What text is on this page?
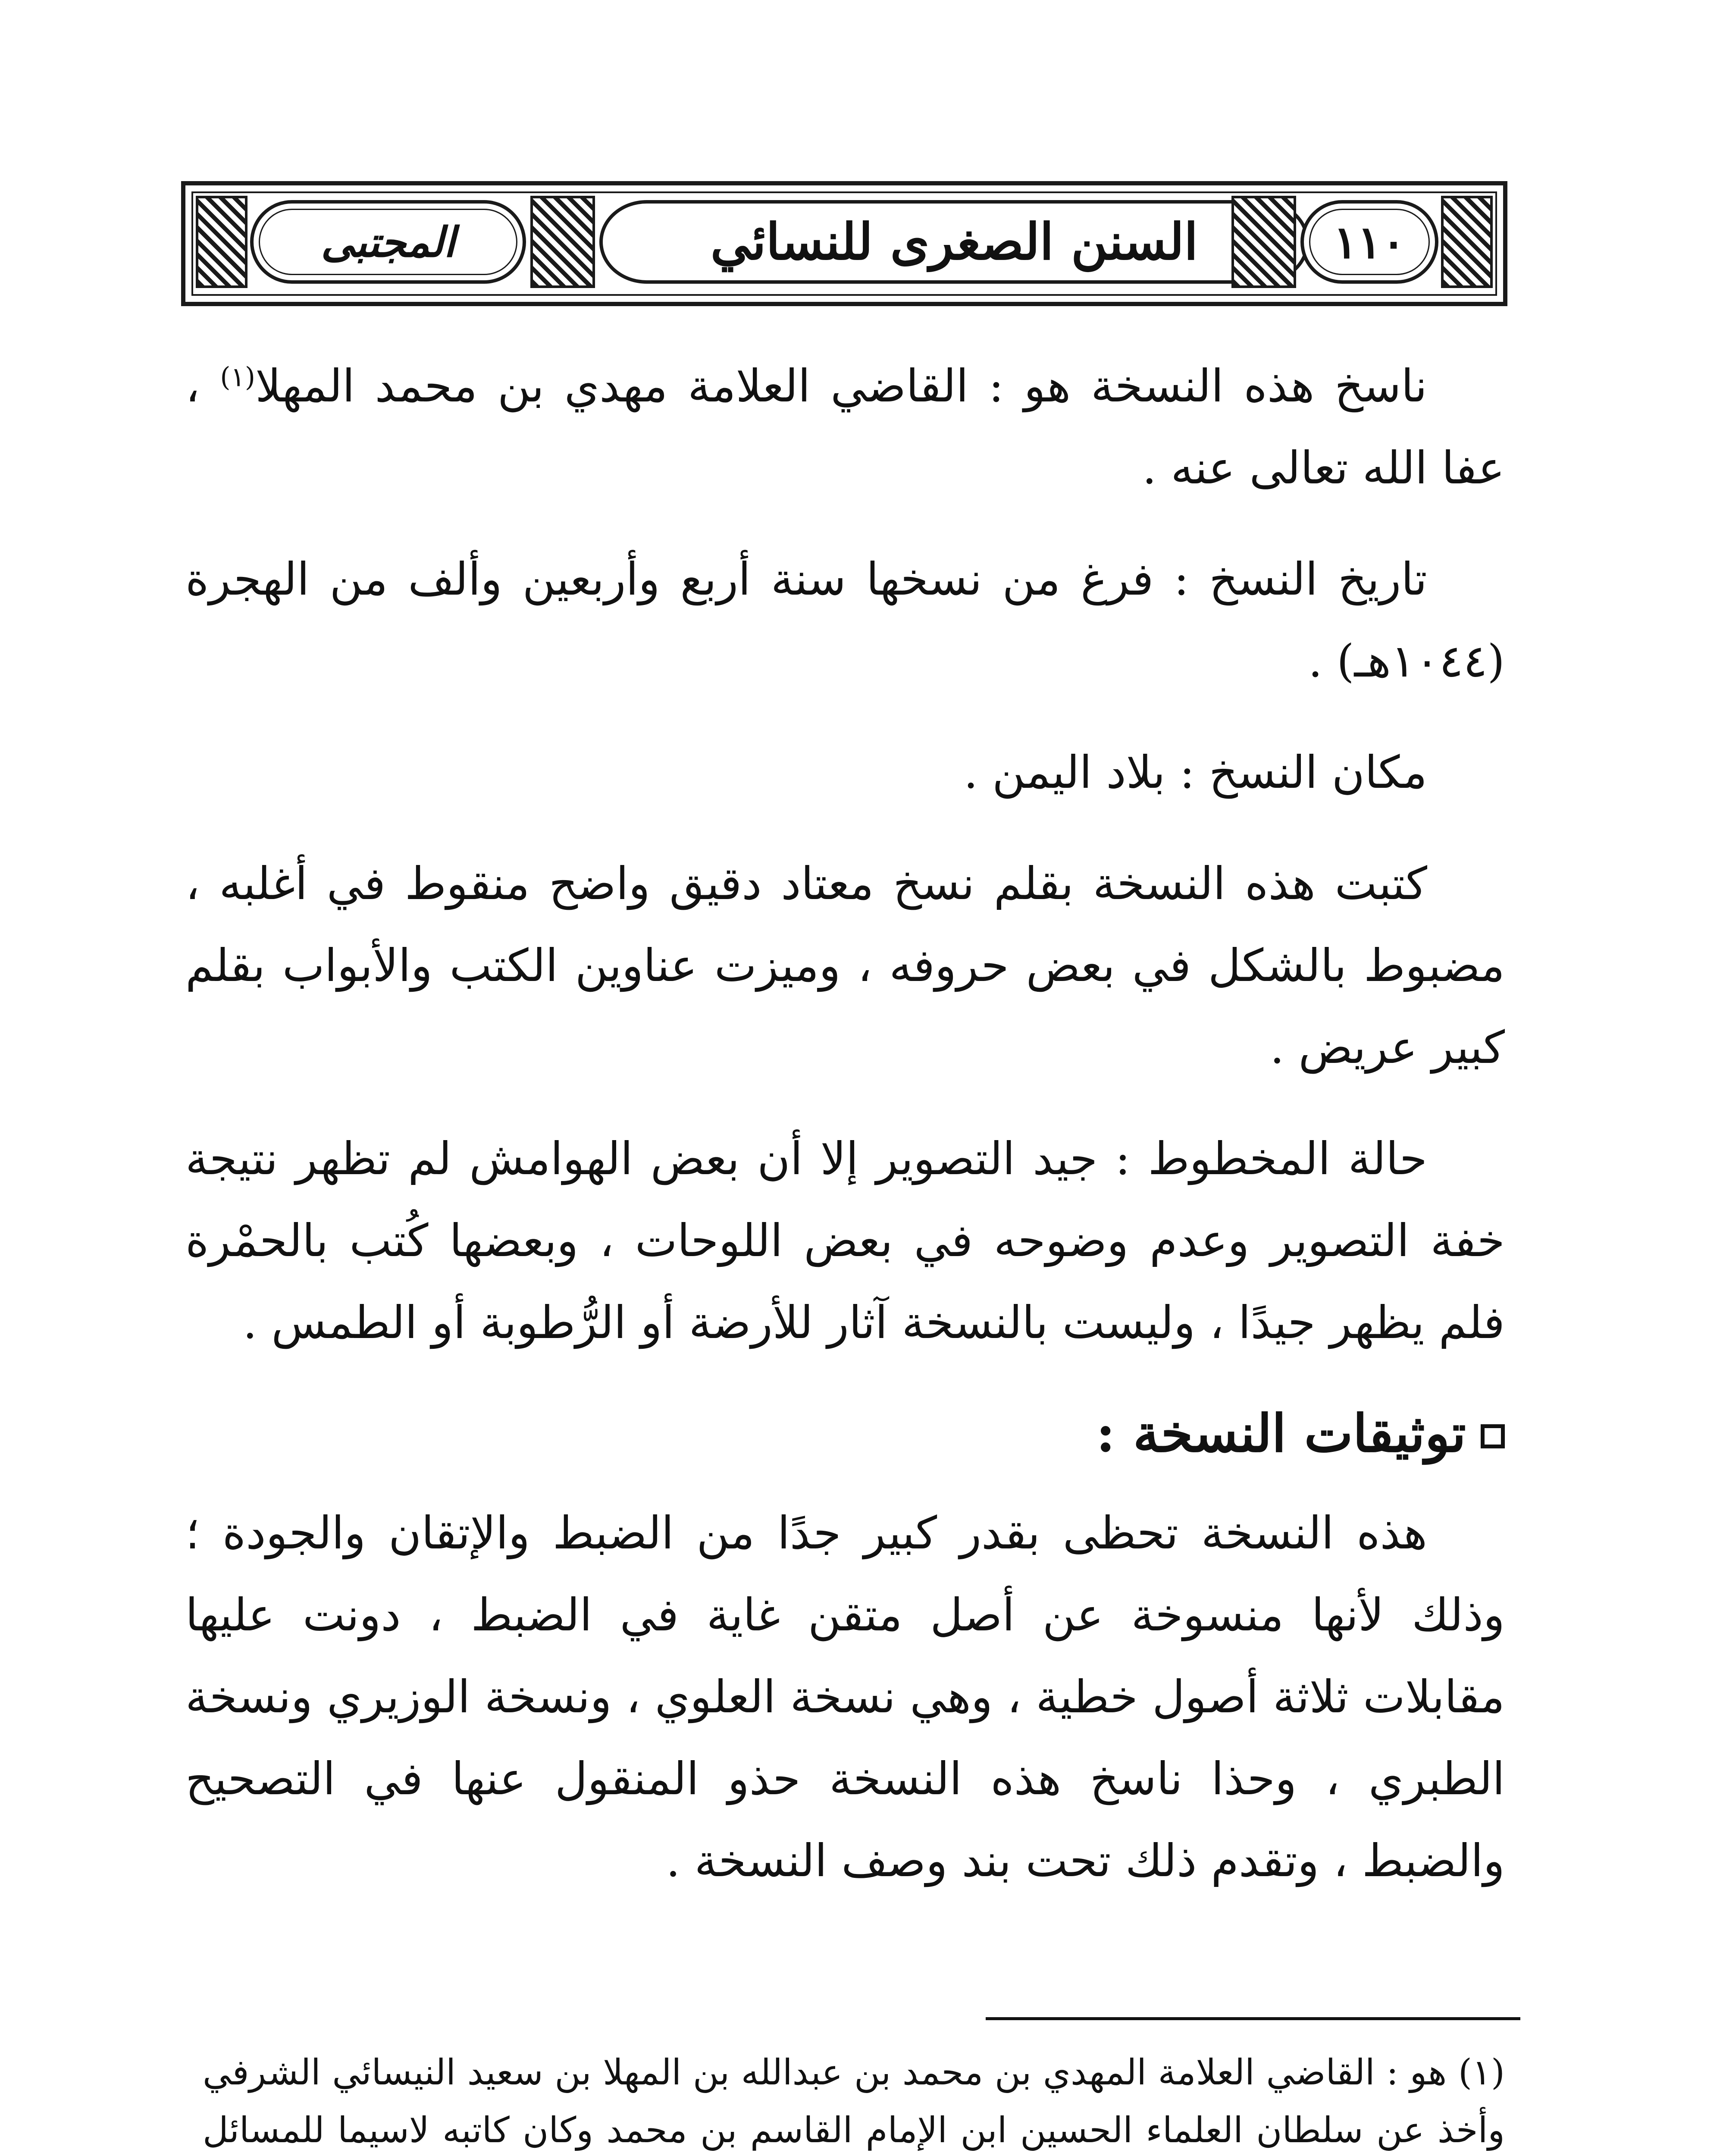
المجتبى	السنن الصغرى للنسائي	١١٠

ناسخ هذه النسخة هو : القاضي العلامة مهدي بن محمد المهلا$^{(١)}$ ، عفا الله تعالى عنه .

تاريخ النسخ : فرغ من نسخها سنة أربع وأربعين وألف من الهجرة (١٠٤٤هـ) .

مكان النسخ : بلاد اليمن .

كتبت هذه النسخة بقلم نسخ معتاد دقيق واضح منقوط في أغلبه ، مضبوط بالشكل في بعض حروفه ، وميزت عناوين الكتب والأبواب بقلم كبير عريض .

حالة المخطوط : جيد التصوير إلا أن بعض الهوامش لم تظهر نتيجة خفة التصوير وعدم وضوحه في بعض اللوحات ، وبعضها كُتب بالحمْرة فلم يظهر جيدًا ، وليست بالنسخة آثار للأرضة أو الرُّطوبة أو الطمس .

توثيقات النسخة :

هذه النسخة تحظى بقدر كبير جدًا من الضبط والإتقان والجودة ؛ وذلك لأنها منسوخة عن أصل متقن غاية في الضبط ، دونت عليها مقابلات ثلاثة أصول خطية ، وهي نسخة العلوي ، ونسخة الوزيري ونسخة الطبري ، وحذا ناسخ هذه النسخة حذو المنقول عنها في التصحيح والضبط ، وتقدم ذلك تحت بند وصف النسخة .

(١) هو : القاضي العلامة المهدي بن محمد بن عبدالله بن المهلا بن سعيد النيسائي الشرفي وأخذ عن سلطان العلماء الحسين ابن الإمام القاسم بن محمد وكان كاتبه لاسيما للمسائل
